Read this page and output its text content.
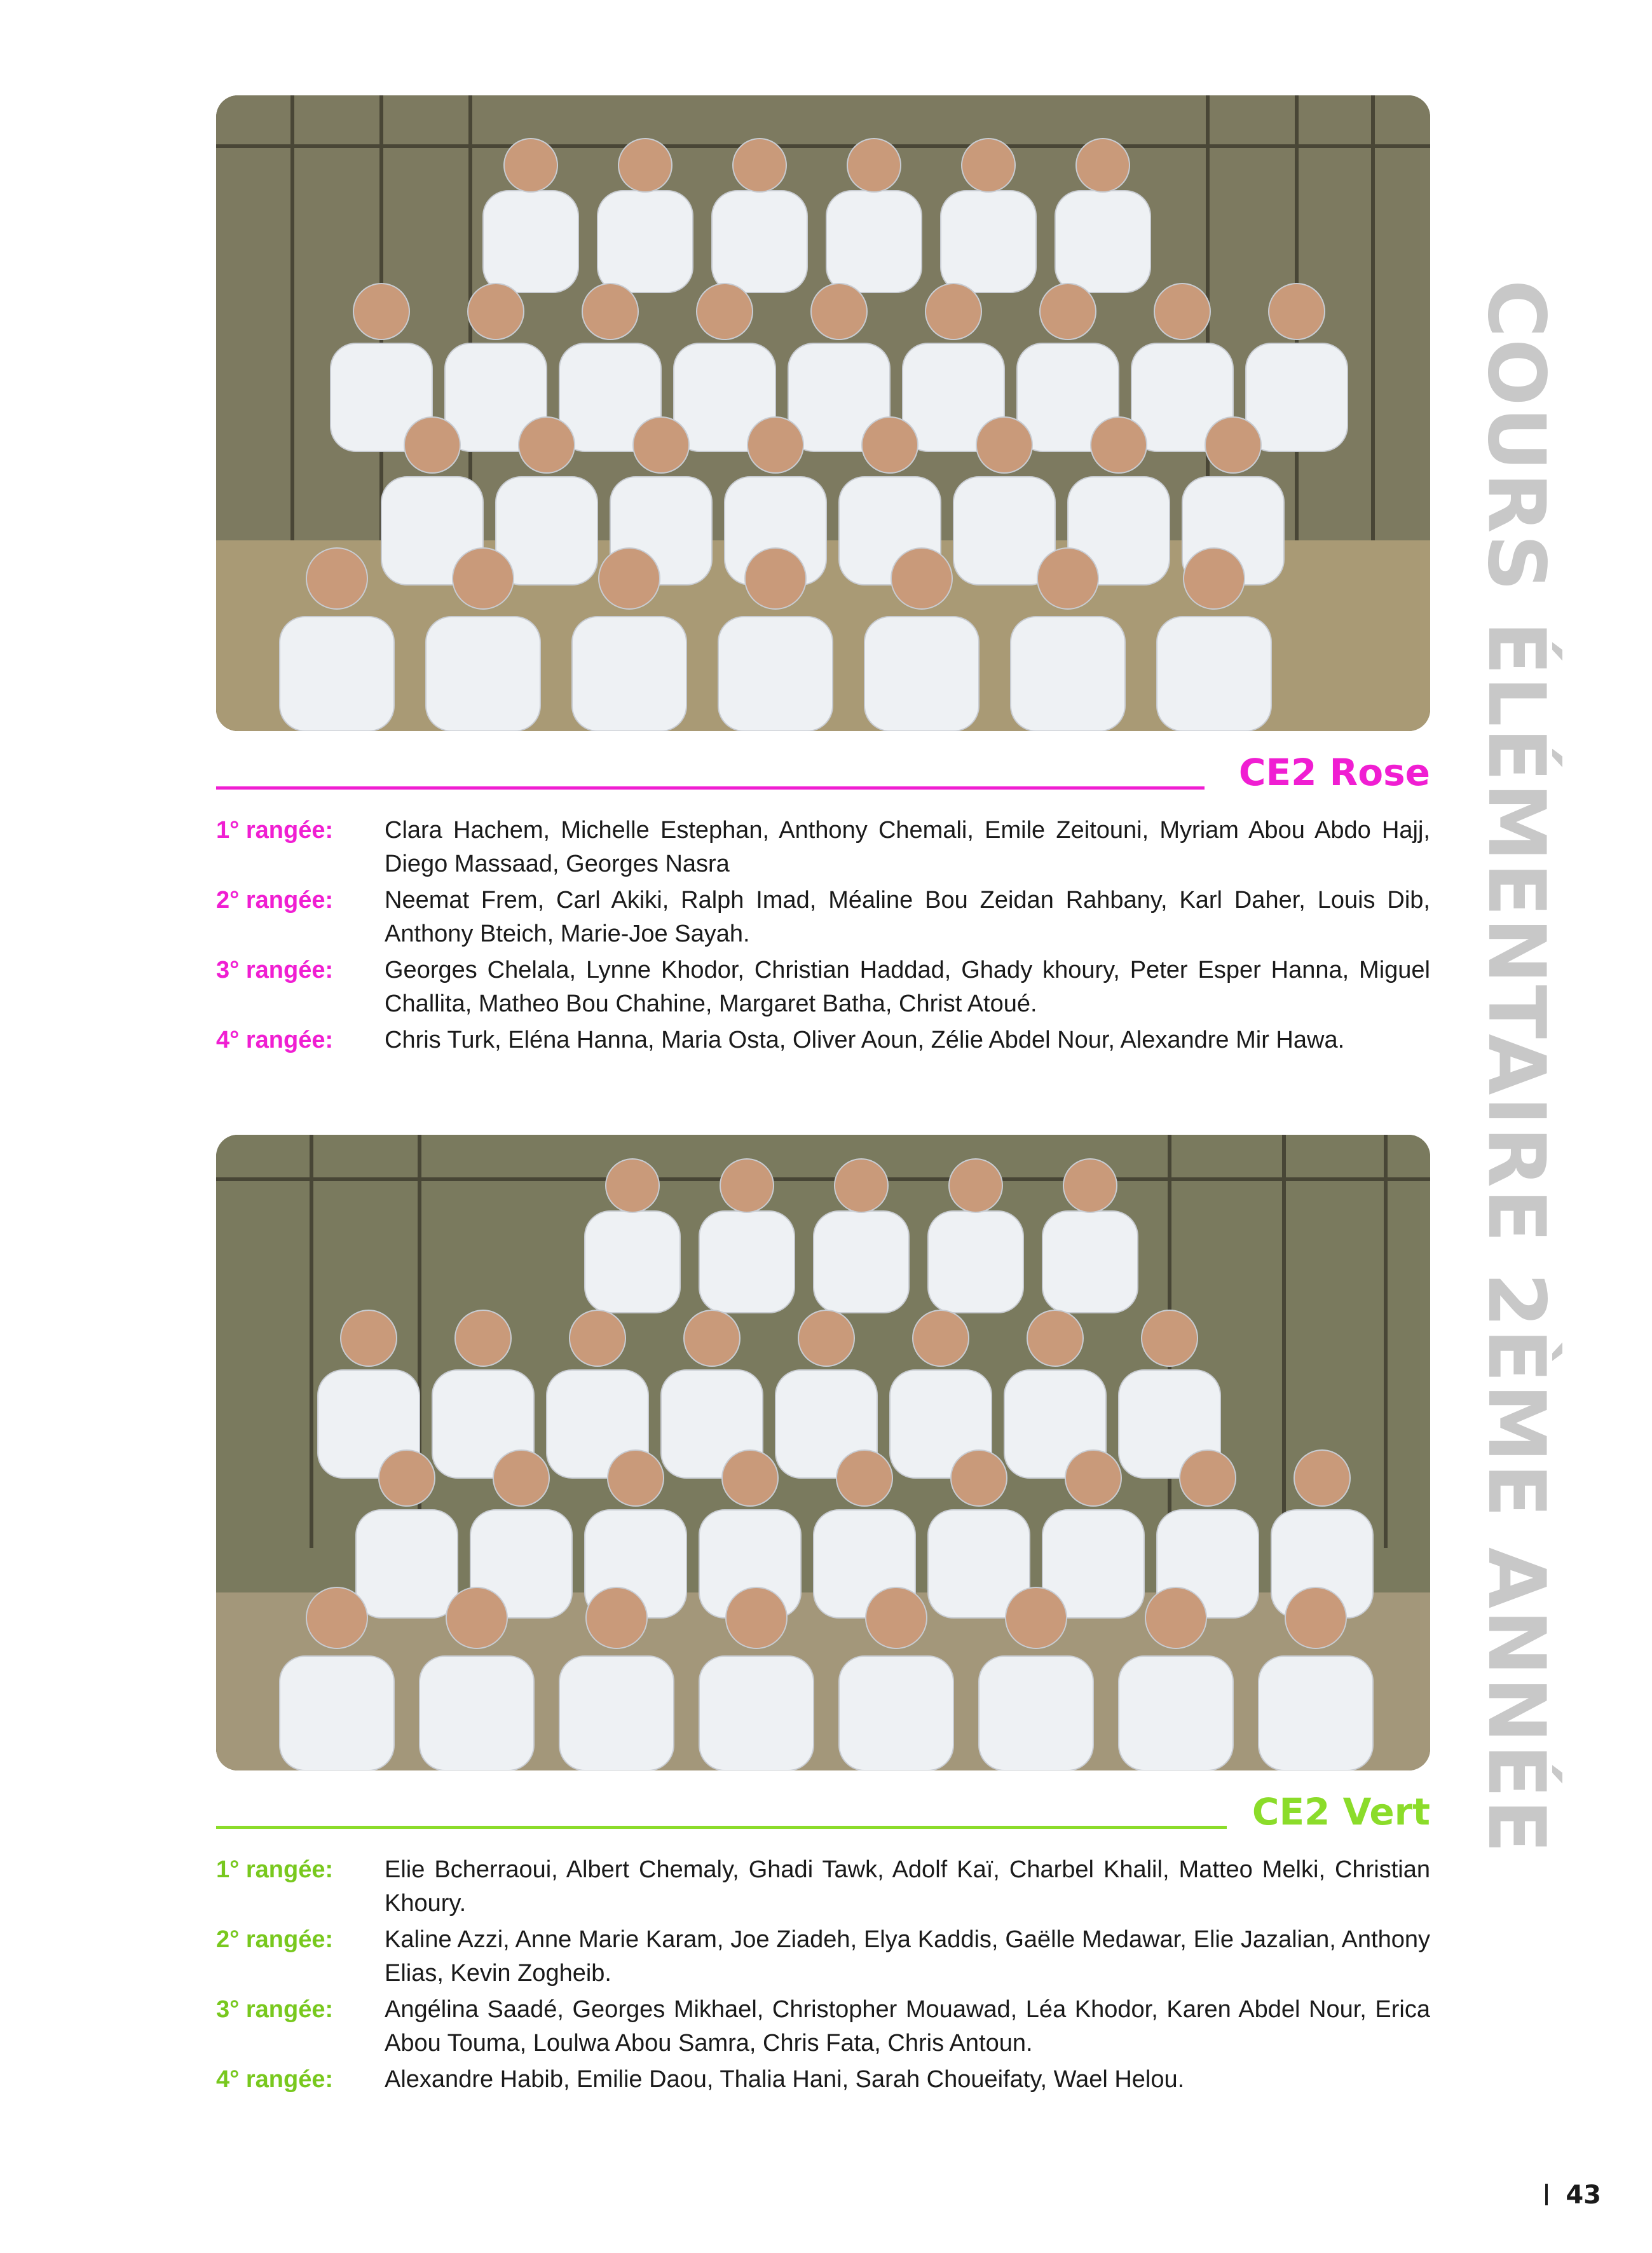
CE2 Rose
1° rangée:	Clara Hachem, Michelle Estephan, Anthony Chemali, Emile Zeitouni, Myriam Abou Abdo Hajj, Diego Massaad, Georges Nasra
2° rangée:	Neemat Frem, Carl Akiki, Ralph Imad, Méaline Bou Zeidan Rahbany, Karl Daher, Louis Dib, Anthony Bteich, Marie-Joe Sayah.
3° rangée:	Georges Chelala, Lynne Khodor, Christian Haddad, Ghady khoury, Peter Esper Hanna, Miguel Challita, Matheo Bou Chahine, Margaret Batha, Christ Atoué.
4° rangée:	Chris Turk, Eléna Hanna, Maria Osta, Oliver Aoun, Zélie Abdel Nour, Alexandre Mir Hawa.
CE2 Vert
1° rangée:	Elie Bcherraoui, Albert Chemaly, Ghadi Tawk, Adolf Kaï, Charbel Khalil, Matteo Melki, Christian Khoury.
2° rangée:	Kaline Azzi, Anne Marie Karam, Joe Ziadeh, Elya Kaddis, Gaëlle Medawar, Elie Jazalian, Anthony Elias, Kevin Zogheib.
3° rangée:	Angélina Saadé, Georges Mikhael, Christopher Mouawad, Léa Khodor, Karen Abdel Nour, Erica Abou Touma, Loulwa Abou Samra, Chris Fata, Chris Antoun.
4° rangée:	Alexandre Habib, Emilie Daou, Thalia Hani, Sarah Choueifaty, Wael Helou.
COURS ÉLÉMENTAIRE 2ÈME ANNÉE
43
